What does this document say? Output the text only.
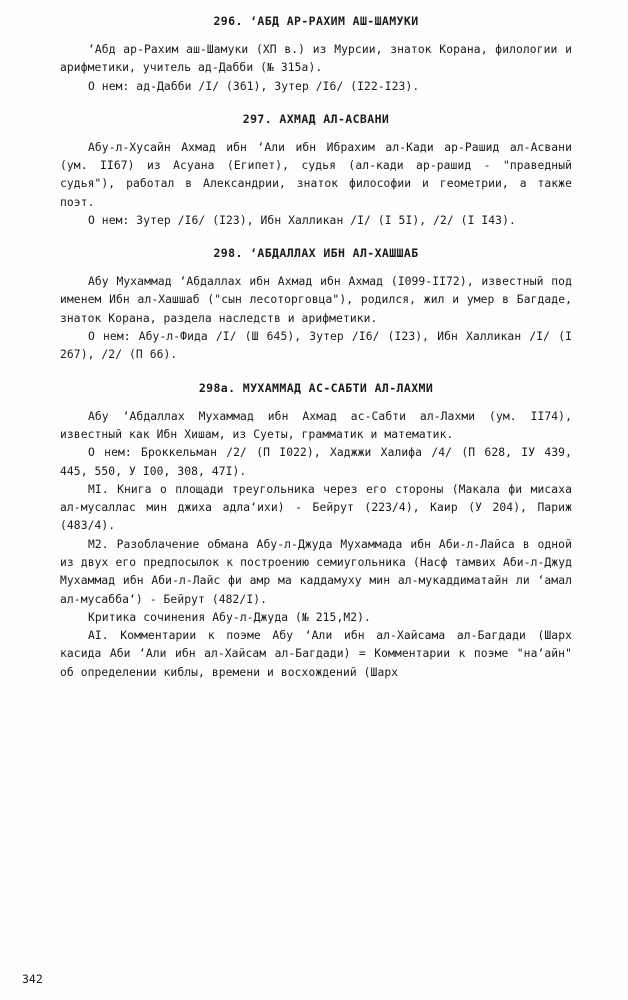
296. ʻАБД АР-РАХИМ АШ-ШАМУКИ

ʻАбд ар-Рахим аш-Шамуки (ХП в.) из Мурсии, знаток Корана, филологии и арифметики, учитель ад-Дабби (№ 315а).

О нем: ад-Дабби /I/ (361), Зутер /I6/ (I22-I23).

297. АХМАД АЛ-АСВАНИ

Абу-л-Хусайн Ахмад ибн ʻАли ибн Ибрахим ал-Кади ар-Рашид ал-Асвани (ум. II67) из Асуана (Египет), судья (ал-кади ар-рашид - "праведный судья"), работал в Александрии, знаток философии и геометрии, а также поэт.

О нем: Зутер /I6/ (I23), Ибн Халликан /I/ (I 5I), /2/ (I I43).

298. ʻАБДАЛЛАХ ИБН АЛ-ХАШШАБ

Абу Мухаммад ʻАбдаллах ибн Ахмад ибн Ахмад (I099-II72), известный под именем Ибн ал-Хашшаб ("сын лесоторговца"), родился, жил и умер в Багдаде, знаток Корана, раздела наследств и арифметики.

О нем: Абу-л-Фида /I/ (Ш 645), Зутер /I6/ (I23), Ибн Халликан /I/ (I 267), /2/ (П 66).

298а. МУХАММАД АС-САБТИ АЛ-ЛАХМИ

Абу ʻАбдаллах Мухаммад ибн Ахмад ас-Сабти ал-Лахми (ум. II74), известный как Ибн Хишам, из Суеты, грамматик и математик.

О нем: Броккельман /2/ (П I022), Хаджжи Халифа /4/ (П 628, IУ 439, 445, 550, У I00, 308, 47I).

MI. Книга о площади треугольника через его стороны (Макала фи мисаха ал-мусаллас мин джиха адлаʻихи) - Бейрут (223/4), Каир (У 204), Париж (483/4).

M2. Разоблачение обмана Абу-л-Джуда Мухаммада ибн Аби-л-Лайса в одной из двух его предпосылок к построению семиугольника (Насф тамвих Аби-л-Джуд Мухаммад ибн Аби-л-Лайс фи амр ма каддамуху мин ал-мукаддиматайн ли ʻамал ал-мусаббаʻ) - Бейрут (482/I).

Критика сочинения Абу-л-Джуда (№ 215,M2).

AI. Комментарии к поэме Абу ʻАли ибн ал-Хайсама ал-Багдади (Шарх касида Аби ʻАли ибн ал-Хайсам ал-Багдади) = Комментарии к поэме "наʻайн" об определении киблы, времени и восхождений (Шарх

342
